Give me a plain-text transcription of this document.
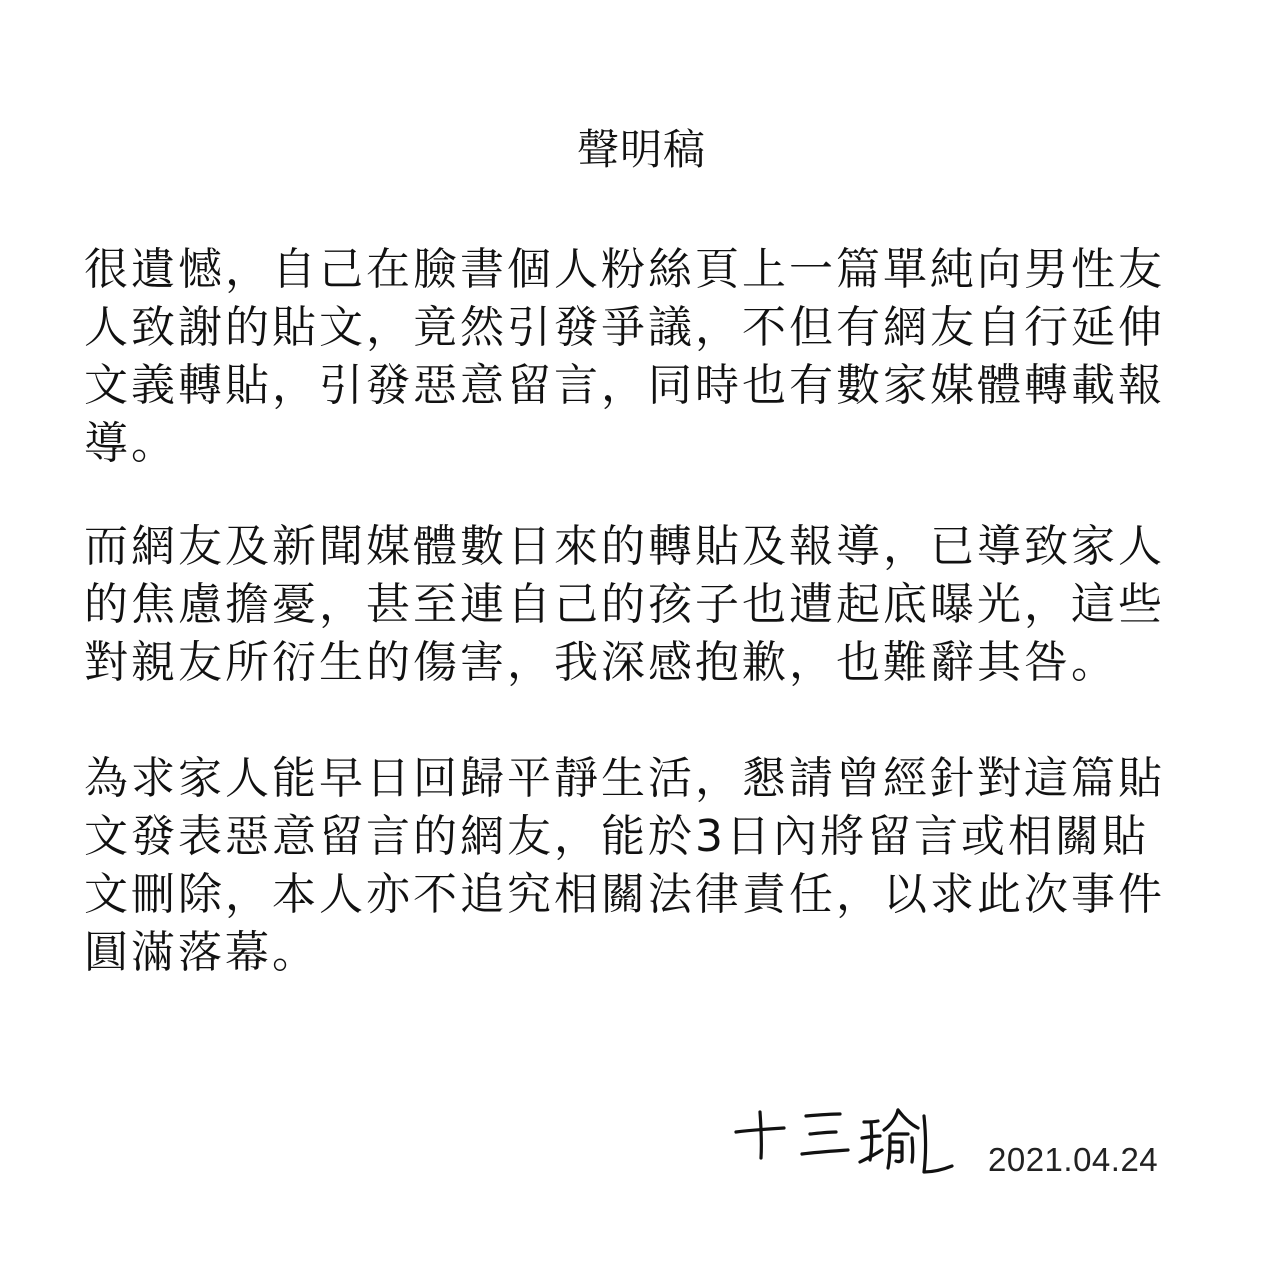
聲明稿

很遺憾，自己在臉書個人粉絲頁上一篇單純向男性友
人致謝的貼文，竟然引發爭議，不但有網友自行延伸
文義轉貼，引發惡意留言，同時也有數家媒體轉載報
導。

而網友及新聞媒體數日來的轉貼及報導，已導致家人
的焦慮擔憂，甚至連自己的孩子也遭起底曝光，這些
對親友所衍生的傷害，我深感抱歉，也難辭其咎。

為求家人能早日回歸平靜生活，懇請曾經針對這篇貼
文發表惡意留言的網友，能於3日內將留言或相關貼
文刪除，本人亦不追究相關法律責任，以求此次事件
圓滿落幕。

2021.04.24
